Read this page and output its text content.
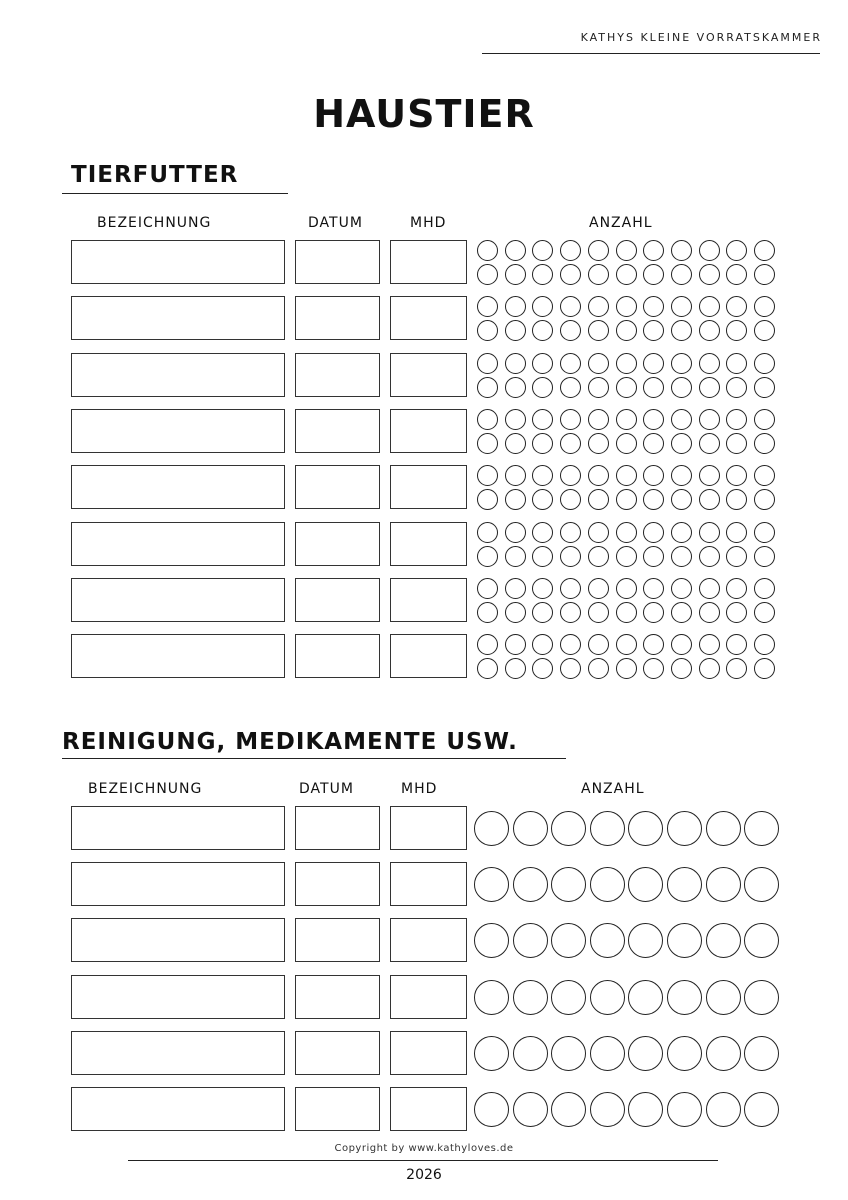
KATHYS KLEINE VORRATSKAMMER
HAUSTIER
TIERFUTTER
BEZEICHNUNG	DATUM	MHD	ANZAHL
REINIGUNG, MEDIKAMENTE USW.
BEZEICHNUNG	DATUM	MHD	ANZAHL
Copyright by www.kathyloves.de
2026
